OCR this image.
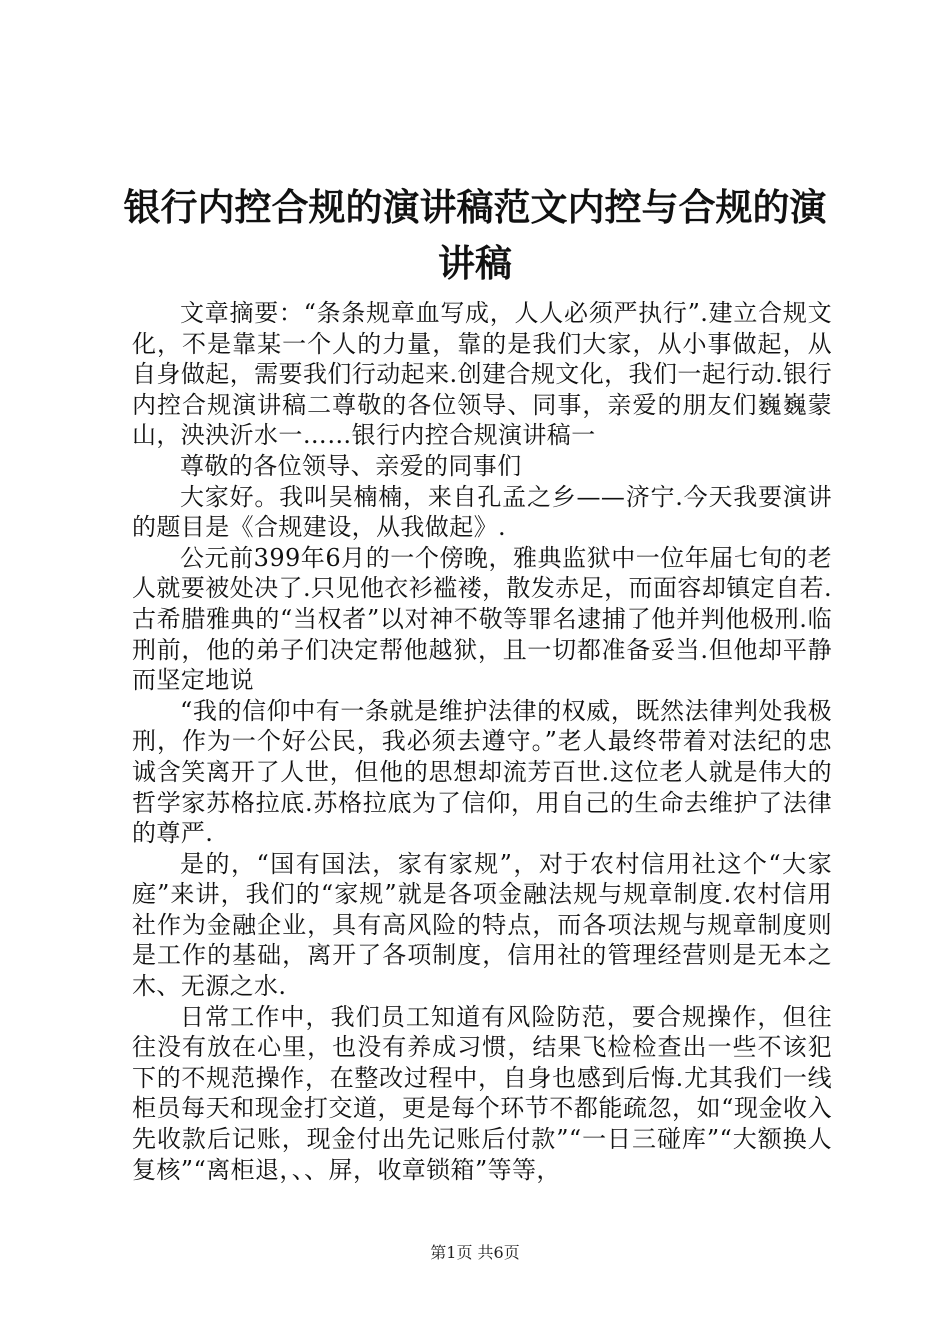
银行内控合规的演讲稿范文内控与合规的演讲稿

文章摘要：“条条规章血写成，人人必须严执行”.建立合规文化，不是靠某一个人的力量，靠的是我们大家，从小事做起，从自身做起，需要我们行动起来.创建合规文化，我们一起行动.银行内控合规演讲稿二尊敬的各位领导、同事，亲爱的朋友们巍巍蒙山，泱泱沂水一……银行内控合规演讲稿一

尊敬的各位领导、亲爱的同事们

大家好。我叫吴楠楠，来自孔孟之乡——济宁.今天我要演讲的题目是《合规建设，从我做起》.

公元前399年6月的一个傍晚，雅典监狱中一位年届七旬的老人就要被处决了.只见他衣衫褴褛，散发赤足，而面容却镇定自若.古希腊雅典的“当权者”以对神不敬等罪名逮捕了他并判他极刑.临刑前，他的弟子们决定帮他越狱，且一切都准备妥当.但他却平静而坚定地说

“我的信仰中有一条就是维护法律的权威，既然法律判处我极刑，作为一个好公民，我必须去遵守。”老人最终带着对法纪的忠诚含笑离开了人世，但他的思想却流芳百世.这位老人就是伟大的哲学家苏格拉底.苏格拉底为了信仰，用自己的生命去维护了法律的尊严.

是的，“国有国法，家有家规”，对于农村信用社这个“大家庭”来讲，我们的“家规”就是各项金融法规与规章制度.农村信用社作为金融企业，具有高风险的特点，而各项法规与规章制度则是工作的基础，离开了各项制度，信用社的管理经营则是无本之木、无源之水.

日常工作中，我们员工知道有风险防范，要合规操作，但往往没有放在心里，也没有养成习惯，结果飞检检查出一些不该犯下的不规范操作，在整改过程中，自身也感到后悔.尤其我们一线柜员每天和现金打交道，更是每个环节不都能疏忽，如“现金收入先收款后记账，现金付出先记账后付款”“一日三碰库”“大额换人复核”“离柜退，、、屏，收章锁箱”等等，

第1页 共6页
